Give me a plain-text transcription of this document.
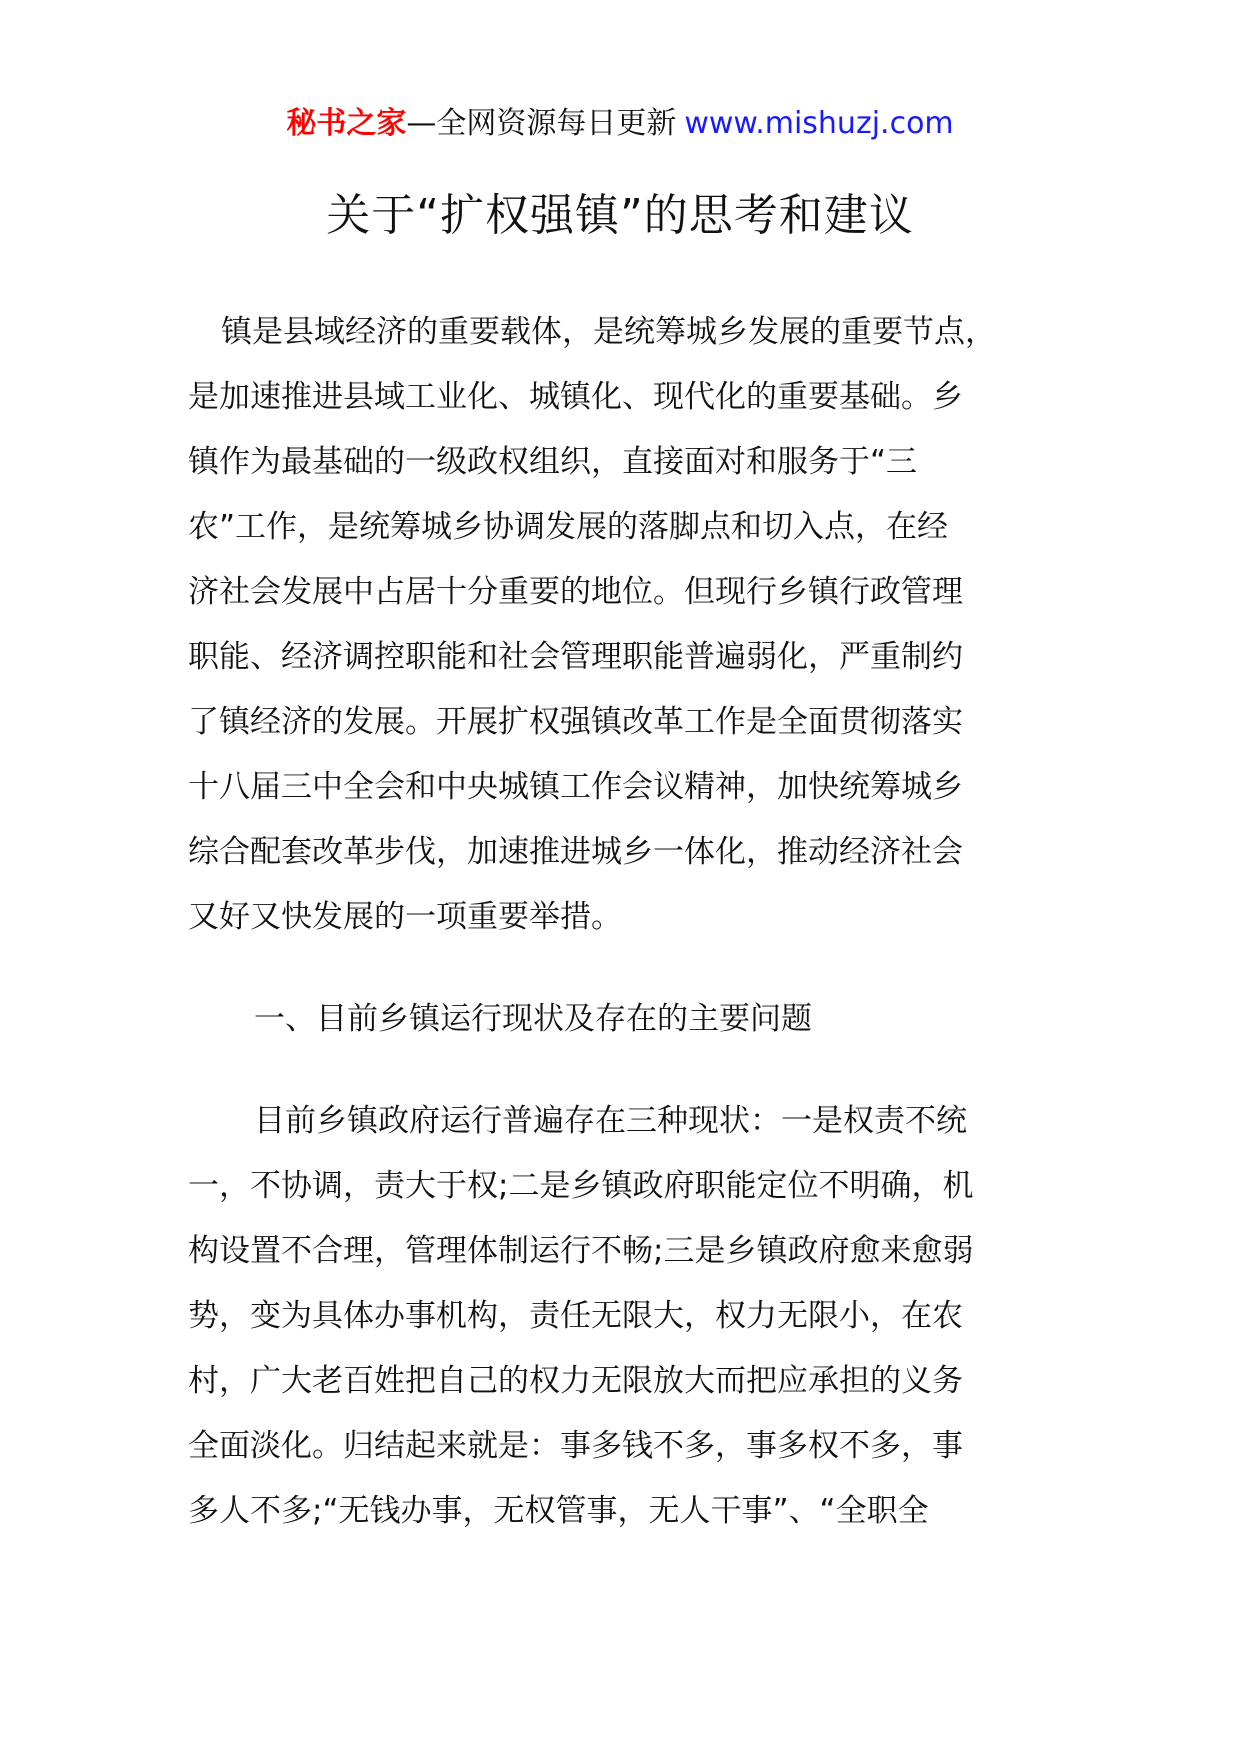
秘书之家—全网资源每日更新 www.mishuzj.com
关于“扩权强镇”的思考和建议

镇是县域经济的重要载体，是统筹城乡发展的重要节点，
是加速推进县域工业化、城镇化、现代化的重要基础。乡
镇作为最基础的一级政权组织，直接面对和服务于“三
农”工作，是统筹城乡协调发展的落脚点和切入点，在经
济社会发展中占居十分重要的地位。但现行乡镇行政管理
职能、经济调控职能和社会管理职能普遍弱化，严重制约
了镇经济的发展。开展扩权强镇改革工作是全面贯彻落实
十八届三中全会和中央城镇工作会议精神，加快统筹城乡
综合配套改革步伐，加速推进城乡一体化，推动经济社会
又好又快发展的一项重要举措。

一、目前乡镇运行现状及存在的主要问题

目前乡镇政府运行普遍存在三种现状：一是权责不统
一，不协调，责大于权;二是乡镇政府职能定位不明确，机
构设置不合理，管理体制运行不畅;三是乡镇政府愈来愈弱
势，变为具体办事机构，责任无限大，权力无限小，在农
村，广大老百姓把自己的权力无限放大而把应承担的义务
全面淡化。归结起来就是：事多钱不多，事多权不多，事
多人不多;“无钱办事，无权管事，无人干事”、“全职全
